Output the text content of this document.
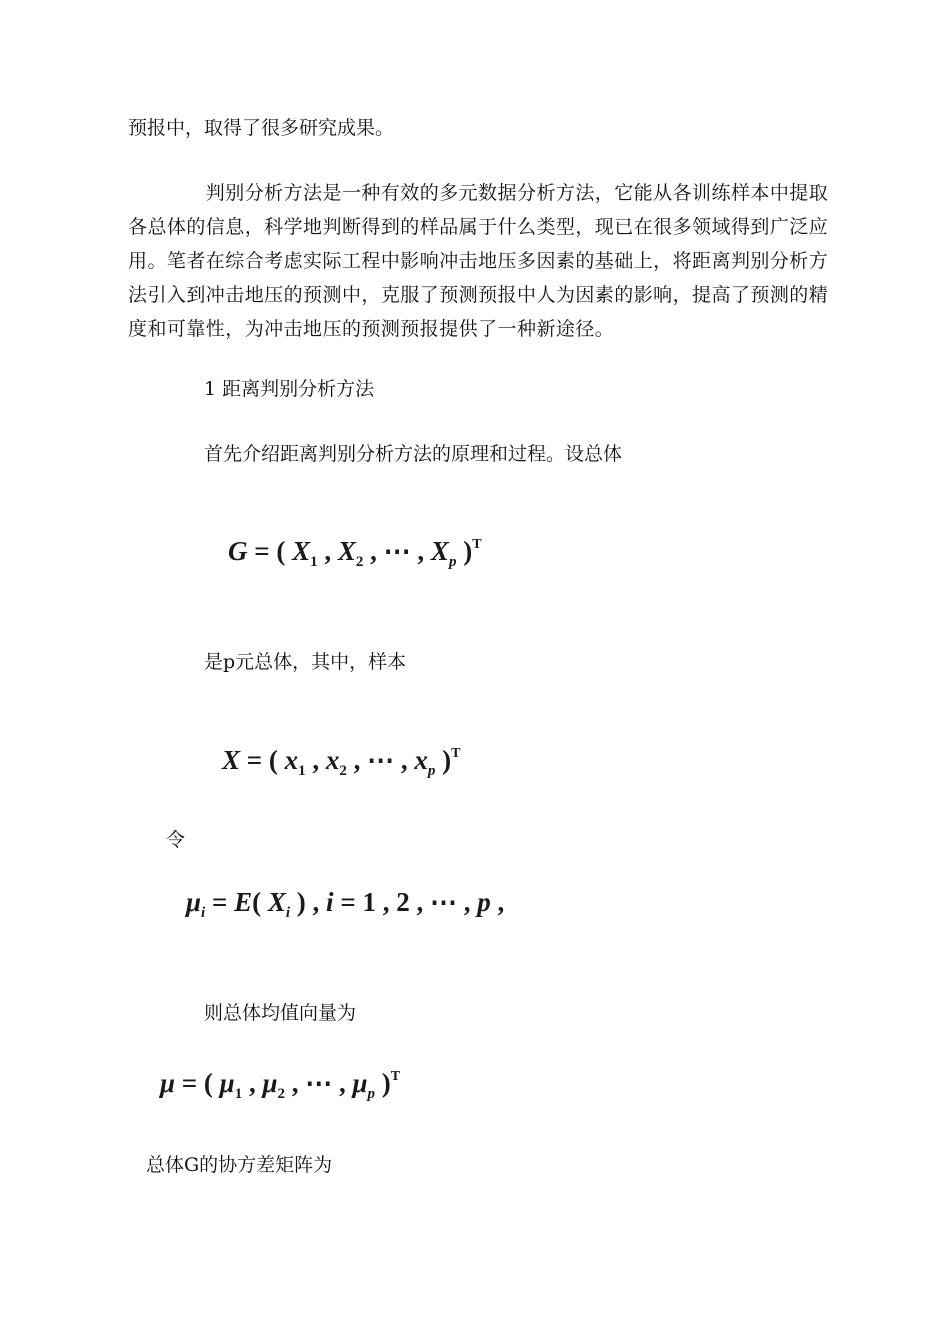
预报中，取得了很多研究成果。

　　　　判别分析方法是一种有效的多元数据分析方法，它能从各训练样本中提取
各总体的信息，科学地判断得到的样品属于什么类型，现已在很多领域得到广泛应
用。笔者在综合考虑实际工程中影响冲击地压多因素的基础上，将距离判别分析方
法引入到冲击地压的预测中，克服了预测预报中人为因素的影响，提高了预测的精
度和可靠性，为冲击地压的预测预报提供了一种新途径。

1 距离判别分析方法

首先介绍距离判别分析方法的原理和过程。设总体

G = ( $X_1$ , $X_2$ , ⋯ , $X_p$ )$^T$

是p元总体，其中，样本

X = ( $x_1$ , $x_2$ , ⋯ , $x_p$ )$^T$

令

$\mu_i = E$( $X_i$ ) , i = 1 , 2 , ⋯ , p ,

则总体均值向量为

μ = ( $\mu_1$ , $\mu_2$ , ⋯ , $\mu_p$ )$^T$

总体G的协方差矩阵为
